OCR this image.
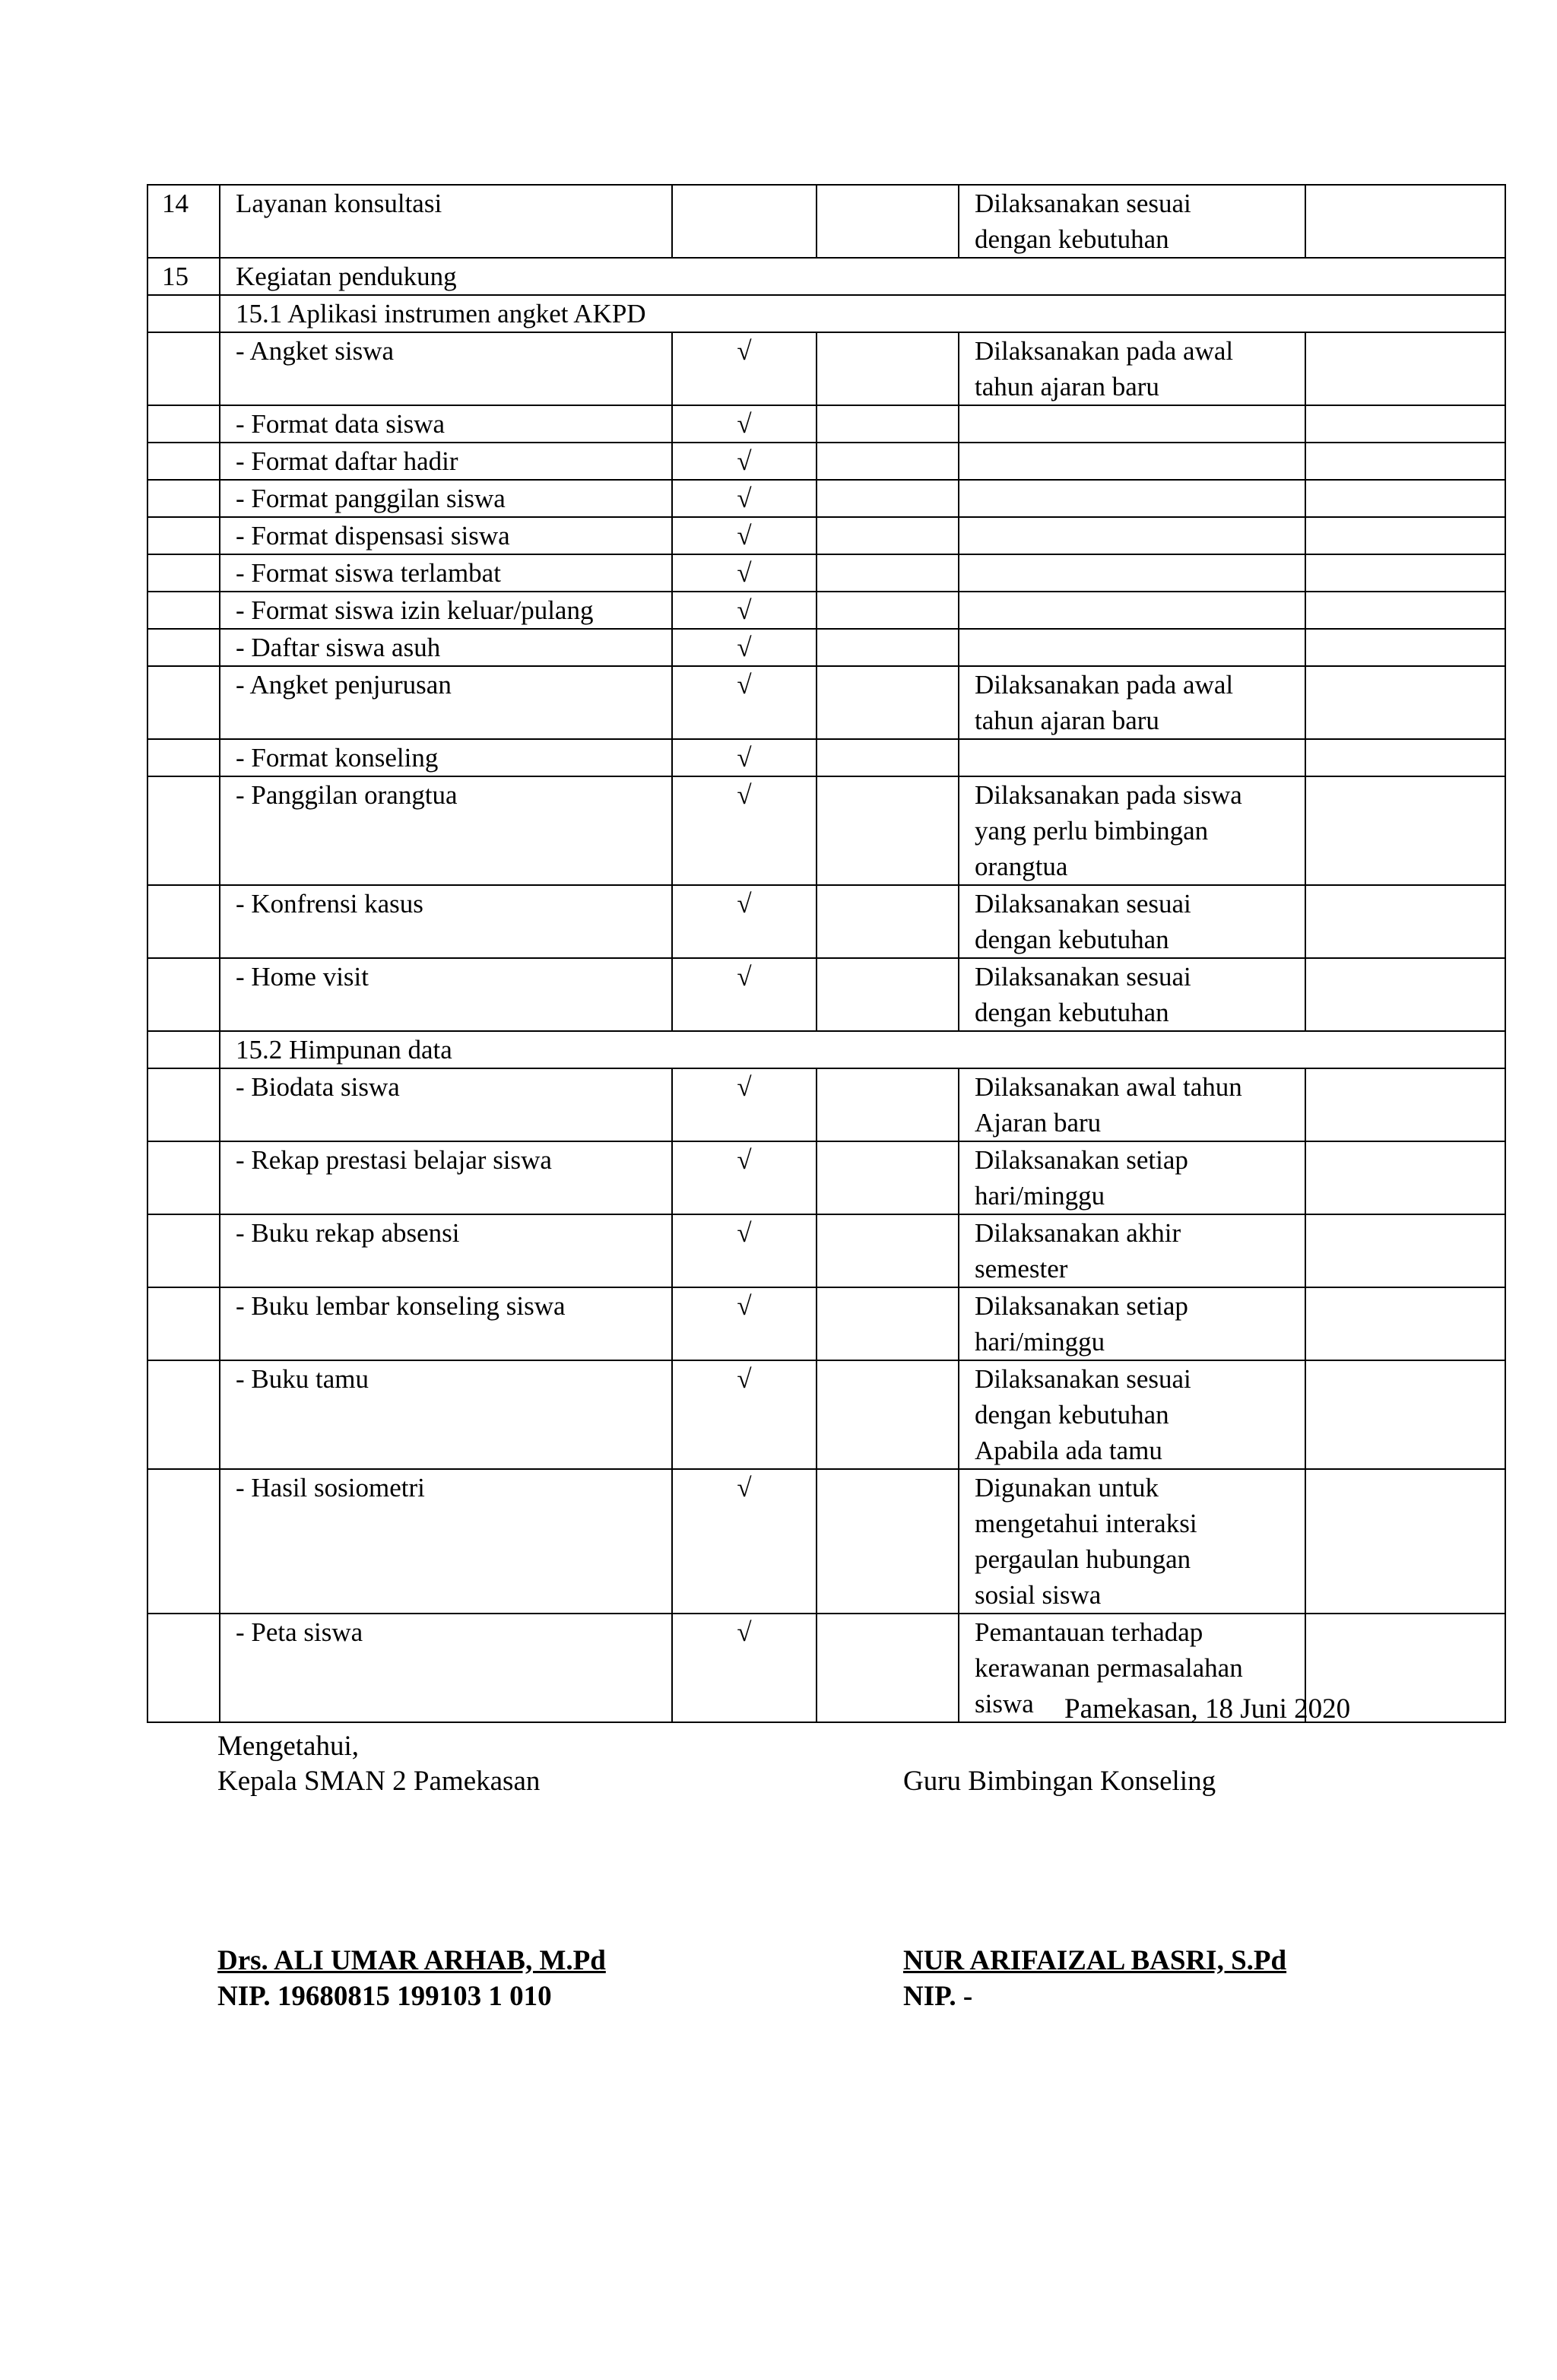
14	Layanan konsultasi			Dilaksanakan sesuai
dengan kebutuhan	

15	Kegiatan pendukung				
	15.1 Aplikasi instrumen angket AKPD				
	- Angket siswa	√		Dilaksanakan pada awal
tahun ajaran baru	

	- Format data siswa	√			
	- Format daftar hadir	√			
	- Format panggilan siswa	√			
	- Format dispensasi siswa	√			
	- Format siswa terlambat	√			
	- Format siswa izin keluar/pulang	√			
	- Daftar siswa asuh	√			
	- Angket penjurusan	√		Dilaksanakan pada awal
tahun ajaran baru	

	- Format konseling	√			
	- Panggilan orangtua	√		Dilaksanakan pada siswa
yang perlu bimbingan
orangtua	

	- Konfrensi kasus	√		Dilaksanakan sesuai
dengan kebutuhan	

	- Home visit	√		Dilaksanakan sesuai
dengan kebutuhan	

	15.2 Himpunan data				
	- Biodata siswa	√		Dilaksanakan awal tahun
Ajaran baru	

	- Rekap prestasi belajar siswa	√		Dilaksanakan setiap
hari/minggu	

	- Buku rekap absensi	√		Dilaksanakan akhir
semester	

	- Buku lembar konseling siswa	√		Dilaksanakan setiap
hari/minggu	

	- Buku tamu	√		Dilaksanakan sesuai
dengan kebutuhan
Apabila ada tamu	

	- Hasil sosiometri	√		Digunakan untuk
mengetahui interaksi
pergaulan hubungan
sosial siswa	

	- Peta siswa	√		Pemantauan terhadap
kerawanan permasalahan
siswa	
		Pamekasan, 18 Juni 2020
Mengetahui,
Kepala SMAN 2 Pamekasan	Guru Bimbingan Konseling
Drs. ALI UMAR ARHAB, M.Pd
NIP. 19680815 199103 1 010
NUR ARIFAIZAL BASRI, S.Pd
NIP. -
